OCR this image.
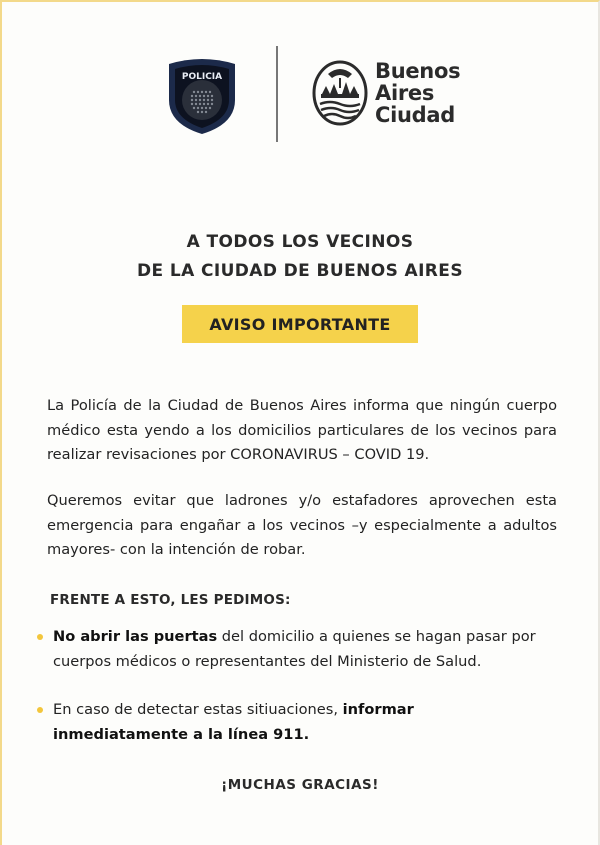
POLICIA	Buenos
Aires
Ciudad
A TODOS LOS VECINOS
DE LA CIUDAD DE BUENOS AIRES
AVISO IMPORTANTE
La Policía de la Ciudad de Buenos Aires informa que ningún cuerpo médico esta yendo a los domicilios particulares de los vecinos para realizar revisaciones por CORONAVIRUS – COVID 19.
Queremos evitar que ladrones y/o estafadores aprovechen esta emergencia para engañar a los vecinos –y especialmente a adultos mayores- con la intención de robar.
FRENTE A ESTO, LES PEDIMOS:
No abrir las puertas del domicilio a quienes se hagan pasar por cuerpos médicos o representantes del Ministerio de Salud.
En caso de detectar estas sitiuaciones, informar inmediatamente a la línea 911.
¡MUCHAS GRACIAS!
